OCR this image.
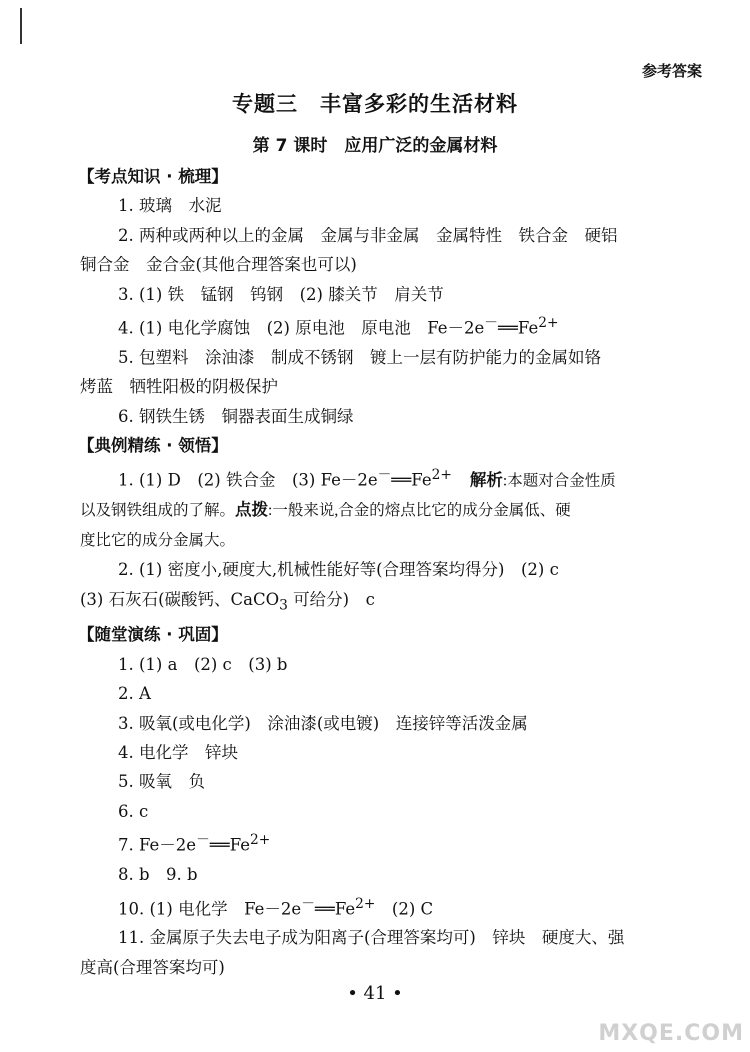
参考答案
专题三　丰富多彩的生活材料
第 7 课时　应用广泛的金属材料
【考点知识 · 梳理】
1. 玻璃　水泥
2. 两种或两种以上的金属　金属与非金属　金属特性　铁合金　硬铝
铜合金　金合金(其他合理答案也可以)
3. (1) 铁　锰钢　钨钢　(2) 膝关节　肩关节
4. (1) 电化学腐蚀　(2) 原电池　原电池　$Fe-2e^-══Fe^{2+}$
5. 包塑料　涂油漆　制成不锈钢　镀上一层有防护能力的金属如铬
烤蓝　牺牲阳极的阴极保护
6. 钢铁生锈　铜器表面生成铜绿
【典例精练 · 领悟】
1. (1) D　(2) 铁合金　(3) $Fe-2e^-══Fe^{2+}$ 解析:本题对合金性质
以及钢铁组成的了解。点拨:一般来说,合金的熔点比它的成分金属低、硬
度比它的成分金属大。
2. (1) 密度小,硬度大,机械性能好等(合理答案均得分)　(2) c
(3) 石灰石(碳酸钙、CaCO$_3$ 可给分)　c
【随堂演练 · 巩固】
1. (1) a　(2) c　(3) b
2. A
3. 吸氧(或电化学)　涂油漆(或电镀)　连接锌等活泼金属
4. 电化学　锌块
5. 吸氧　负
6. c
7. $Fe-2e^-══Fe^{2+}$
8. b　9. b
10. (1) 电化学　$Fe-2e^-══Fe^{2+}$　(2) C
11. 金属原子失去电子成为阳离子(合理答案均可)　锌块　硬度大、强
度高(合理答案均可)
• 41 •
MXQE.COM
